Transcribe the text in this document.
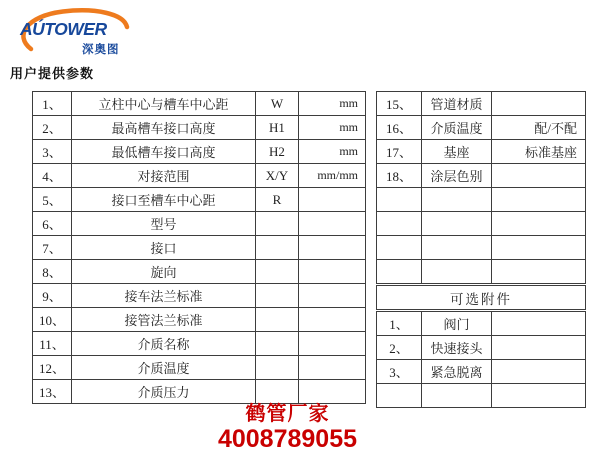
AÚTOWER
深奥图
用户提供参数
1、	立柱中心与槽车中心距	W	mm
2、	最高槽车接口高度	H1	mm
3、	最低槽车接口高度	H2	mm
4、	对接范围	X/Y	mm/mm
5、	接口至槽车中心距	R	
6、	型号		
7、	接口		
8、	旋向		
9、	接车法兰标准		
10、	接管法兰标准		
11、	介质名称		
12、	介质温度		
13、	介质压力		
15、	管道材质	
16、	介质温度	配/不配
17、	基座	标准基座
18、	涂层色别	

可选附件		
1、	阀门	
2、	快速接头	
3、	紧急脱离	

鹤管厂家
4008789055
